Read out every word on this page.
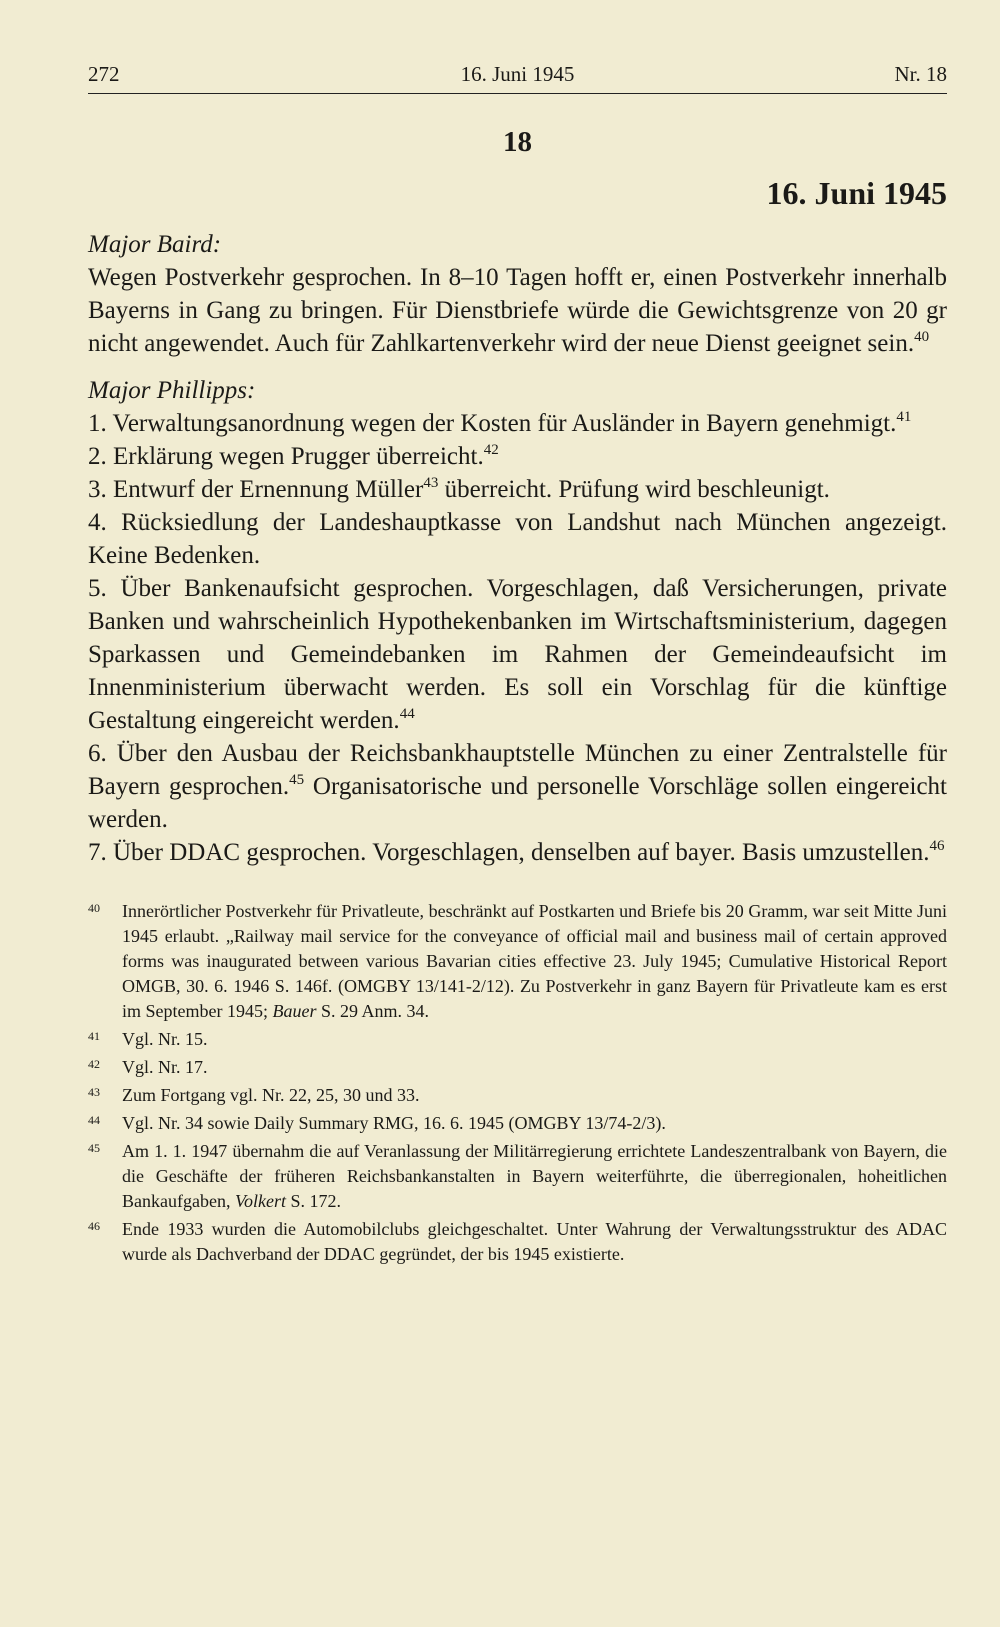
272	16. Juni 1945	Nr. 18
18
16. Juni 1945
Major Baird:
Wegen Postverkehr gesprochen. In 8–10 Tagen hofft er, einen Postverkehr innerhalb Bayerns in Gang zu bringen. Für Dienstbriefe würde die Gewichtsgrenze von 20 gr nicht angewendet. Auch für Zahlkartenverkehr wird der neue Dienst geeignet sein.$^{40}$
Major Phillipps:
1. Verwaltungsanordnung wegen der Kosten für Ausländer in Bayern genehmigt.$^{41}$
2. Erklärung wegen Prugger überreicht.$^{42}$
3. Entwurf der Ernennung Müller$^{43}$ überreicht. Prüfung wird beschleunigt.
4. Rücksiedlung der Landeshauptkasse von Landshut nach München angezeigt. Keine Bedenken.
5. Über Bankenaufsicht gesprochen. Vorgeschlagen, daß Versicherungen, private Banken und wahrscheinlich Hypothekenbanken im Wirtschaftsministerium, dagegen Sparkassen und Gemeindebanken im Rahmen der Gemeindeaufsicht im Innenministerium überwacht werden. Es soll ein Vorschlag für die künftige Gestaltung eingereicht werden.$^{44}$
6. Über den Ausbau der Reichsbankhauptstelle München zu einer Zentralstelle für Bayern gesprochen.$^{45}$ Organisatorische und personelle Vorschläge sollen eingereicht werden.
7. Über DDAC gesprochen. Vorgeschlagen, denselben auf bayer. Basis umzustellen.$^{46}$
40	Innerörtlicher Postverkehr für Privatleute, beschränkt auf Postkarten und Briefe bis 20 Gramm, war seit Mitte Juni 1945 erlaubt. „Railway mail service for the conveyance of official mail and business mail of certain approved forms was inaugurated between various Bavarian cities effective 23. July 1945; Cumulative Historical Report OMGB, 30. 6. 1946 S. 146f. (OMGBY 13/141-2/12). Zu Postverkehr in ganz Bayern für Privatleute kam es erst im September 1945; Bauer S. 29 Anm. 34.
41	Vgl. Nr. 15.
42	Vgl. Nr. 17.
43	Zum Fortgang vgl. Nr. 22, 25, 30 und 33.
44	Vgl. Nr. 34 sowie Daily Summary RMG, 16. 6. 1945 (OMGBY 13/74-2/3).
45	Am 1. 1. 1947 übernahm die auf Veranlassung der Militärregierung errichtete Landeszentralbank von Bayern, die die Geschäfte der früheren Reichsbankanstalten in Bayern weiterführte, die überregionalen, hoheitlichen Bankaufgaben, Volkert S. 172.
46	Ende 1933 wurden die Automobilclubs gleichgeschaltet. Unter Wahrung der Verwaltungsstruktur des ADAC wurde als Dachverband der DDAC gegründet, der bis 1945 existierte.
